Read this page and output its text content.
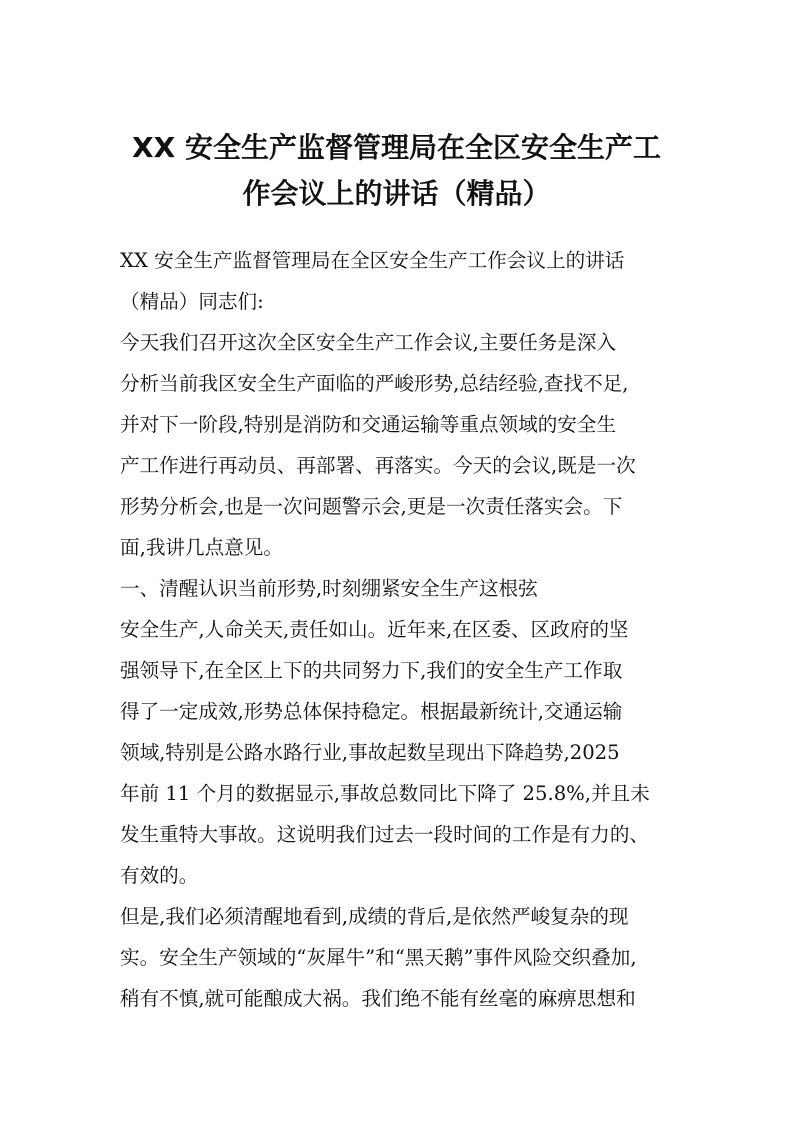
XX 安全生产监督管理局在全区安全生产工
作会议上的讲话（精品）

XX 安全生产监督管理局在全区安全生产工作会议上的讲话

（精品）同志们:

今天我们召开这次全区安全生产工作会议,主要任务是深入

分析当前我区安全生产面临的严峻形势,总结经验,查找不足,

并对下一阶段,特别是消防和交通运输等重点领域的安全生

产工作进行再动员、再部署、再落实。今天的会议,既是一次

形势分析会,也是一次问题警示会,更是一次责任落实会。下

面,我讲几点意见。

一、清醒认识当前形势,时刻绷紧安全生产这根弦

安全生产,人命关天,责任如山。近年来,在区委、区政府的坚

强领导下,在全区上下的共同努力下,我们的安全生产工作取

得了一定成效,形势总体保持稳定。根据最新统计,交通运输

领域,特别是公路水路行业,事故起数呈现出下降趋势,2025

年前 11 个月的数据显示,事故总数同比下降了 25.8%,并且未

发生重特大事故。这说明我们过去一段时间的工作是有力的、

有效的。

但是,我们必须清醒地看到,成绩的背后,是依然严峻复杂的现

实。安全生产领域的“灰犀牛”和“黑天鹅”事件风险交织叠加,

稍有不慎,就可能酿成大祸。我们绝不能有丝毫的麻痹思想和
